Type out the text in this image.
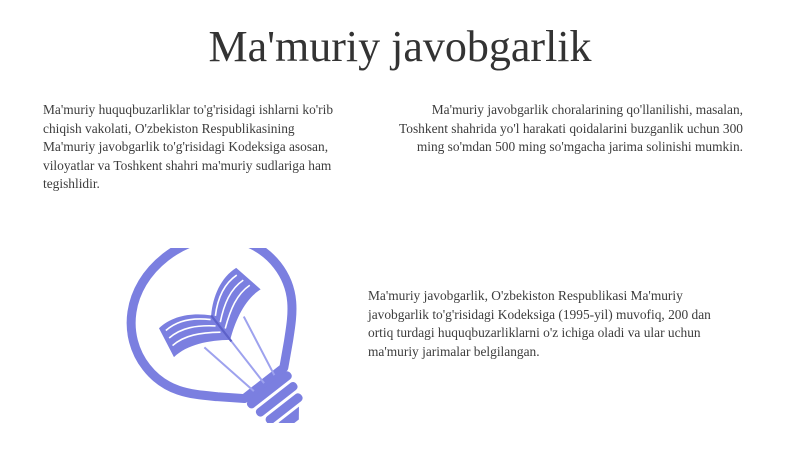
Ma'muriy javobgarlik

Ma'muriy huquqbuzarliklar to'g'risidagi ishlarni ko'rib chiqish vakolati, O'zbekiston Respublikasining Ma'muriy javobgarlik to'g'risidagi Kodeksiga asosan, viloyatlar va Toshkent shahri ma'muriy sudlariga ham tegishlidir.

Ma'muriy javobgarlik choralarining qo'llanilishi, masalan, Toshkent shahrida yo'l harakati qoidalarini buzganlik uchun 300 ming so'mdan 500 ming so'mgacha jarima solinishi mumkin.

Ma'muriy javobgarlik, O'zbekiston Respublikasi Ma'muriy javobgarlik to'g'risidagi Kodeksiga (1995-yil) muvofiq, 200 dan ortiq turdagi huquqbuzarliklarni o'z ichiga oladi va ular uchun ma'muriy jarimalar belgilangan.
